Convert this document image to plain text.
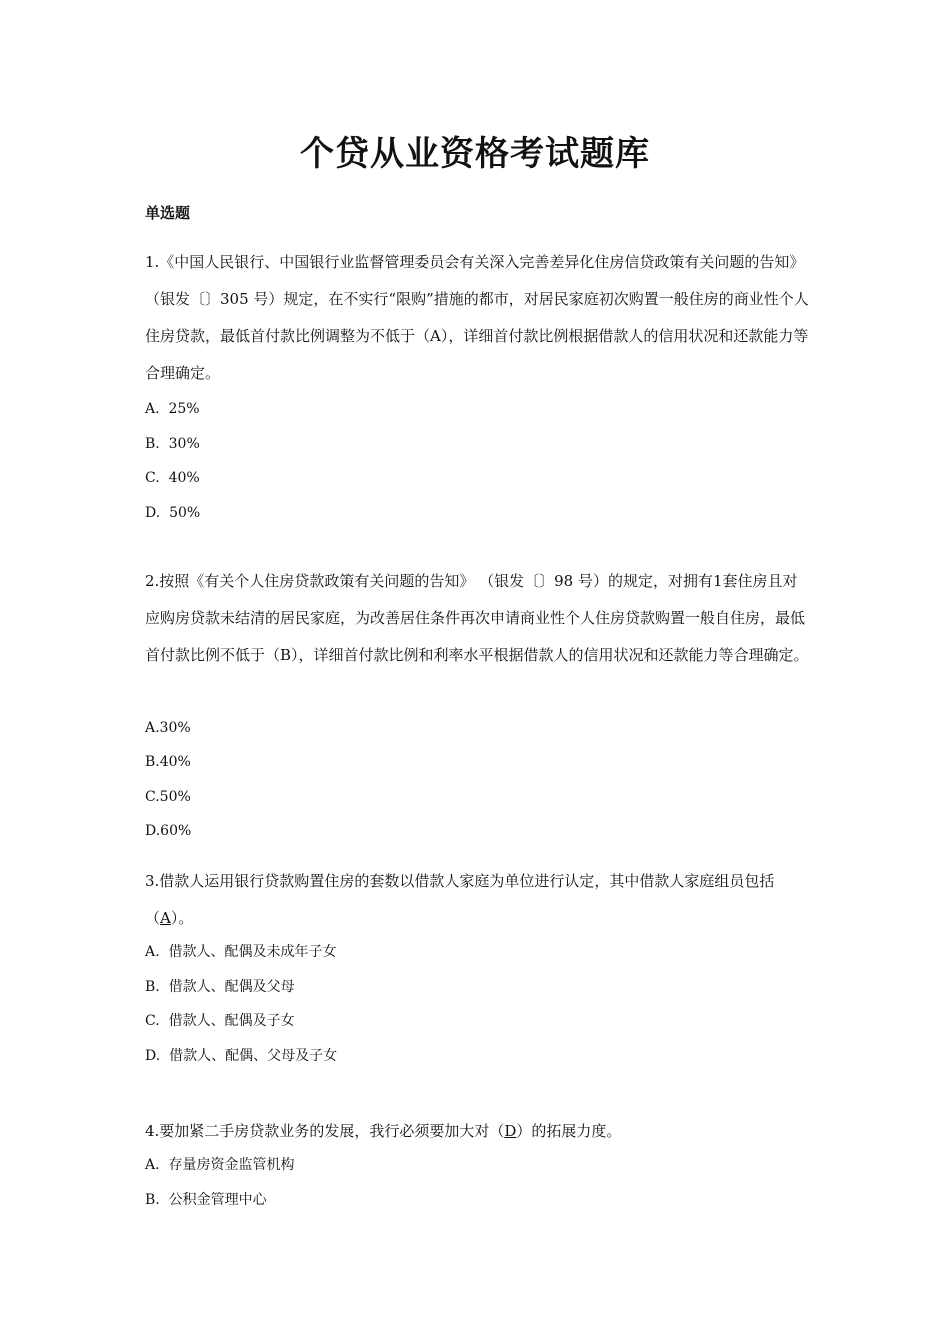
个贷从业资格考试题库
单选题

1.《中国人民银行、中国银行业监督管理委员会有关深入完善差异化住房信贷政策有关问题的告知》（银发〔〕305 号）规定，在不实行“限购”措施的都市，对居民家庭初次购置一般住房的商业性个人住房贷款，最低首付款比例调整为不低于（A），详细首付款比例根据借款人的信用状况和还款能力等合理确定。

A.  25%
B.  30%
C.  40%
D.  50%

2.按照《有关个人住房贷款政策有关问题的告知》 （银发〔〕98 号）的规定，对拥有1套住房且对应购房贷款未结清的居民家庭，为改善居住条件再次申请商业性个人住房贷款购置一般自住房，最低首付款比例不低于（B），详细首付款比例和利率水平根据借款人的信用状况和还款能力等合理确定。

A.30%
B.40%
C.50%
D.60%

3.借款人运用银行贷款购置住房的套数以借款人家庭为单位进行认定，其中借款人家庭组员包括（A）。

A.  借款人、配偶及未成年子女
B.  借款人、配偶及父母
C.  借款人、配偶及子女
D.  借款人、配偶、父母及子女

4.要加紧二手房贷款业务的发展，我行必须要加大对（D）的拓展力度。

A.  存量房资金监管机构
B.  公积金管理中心
